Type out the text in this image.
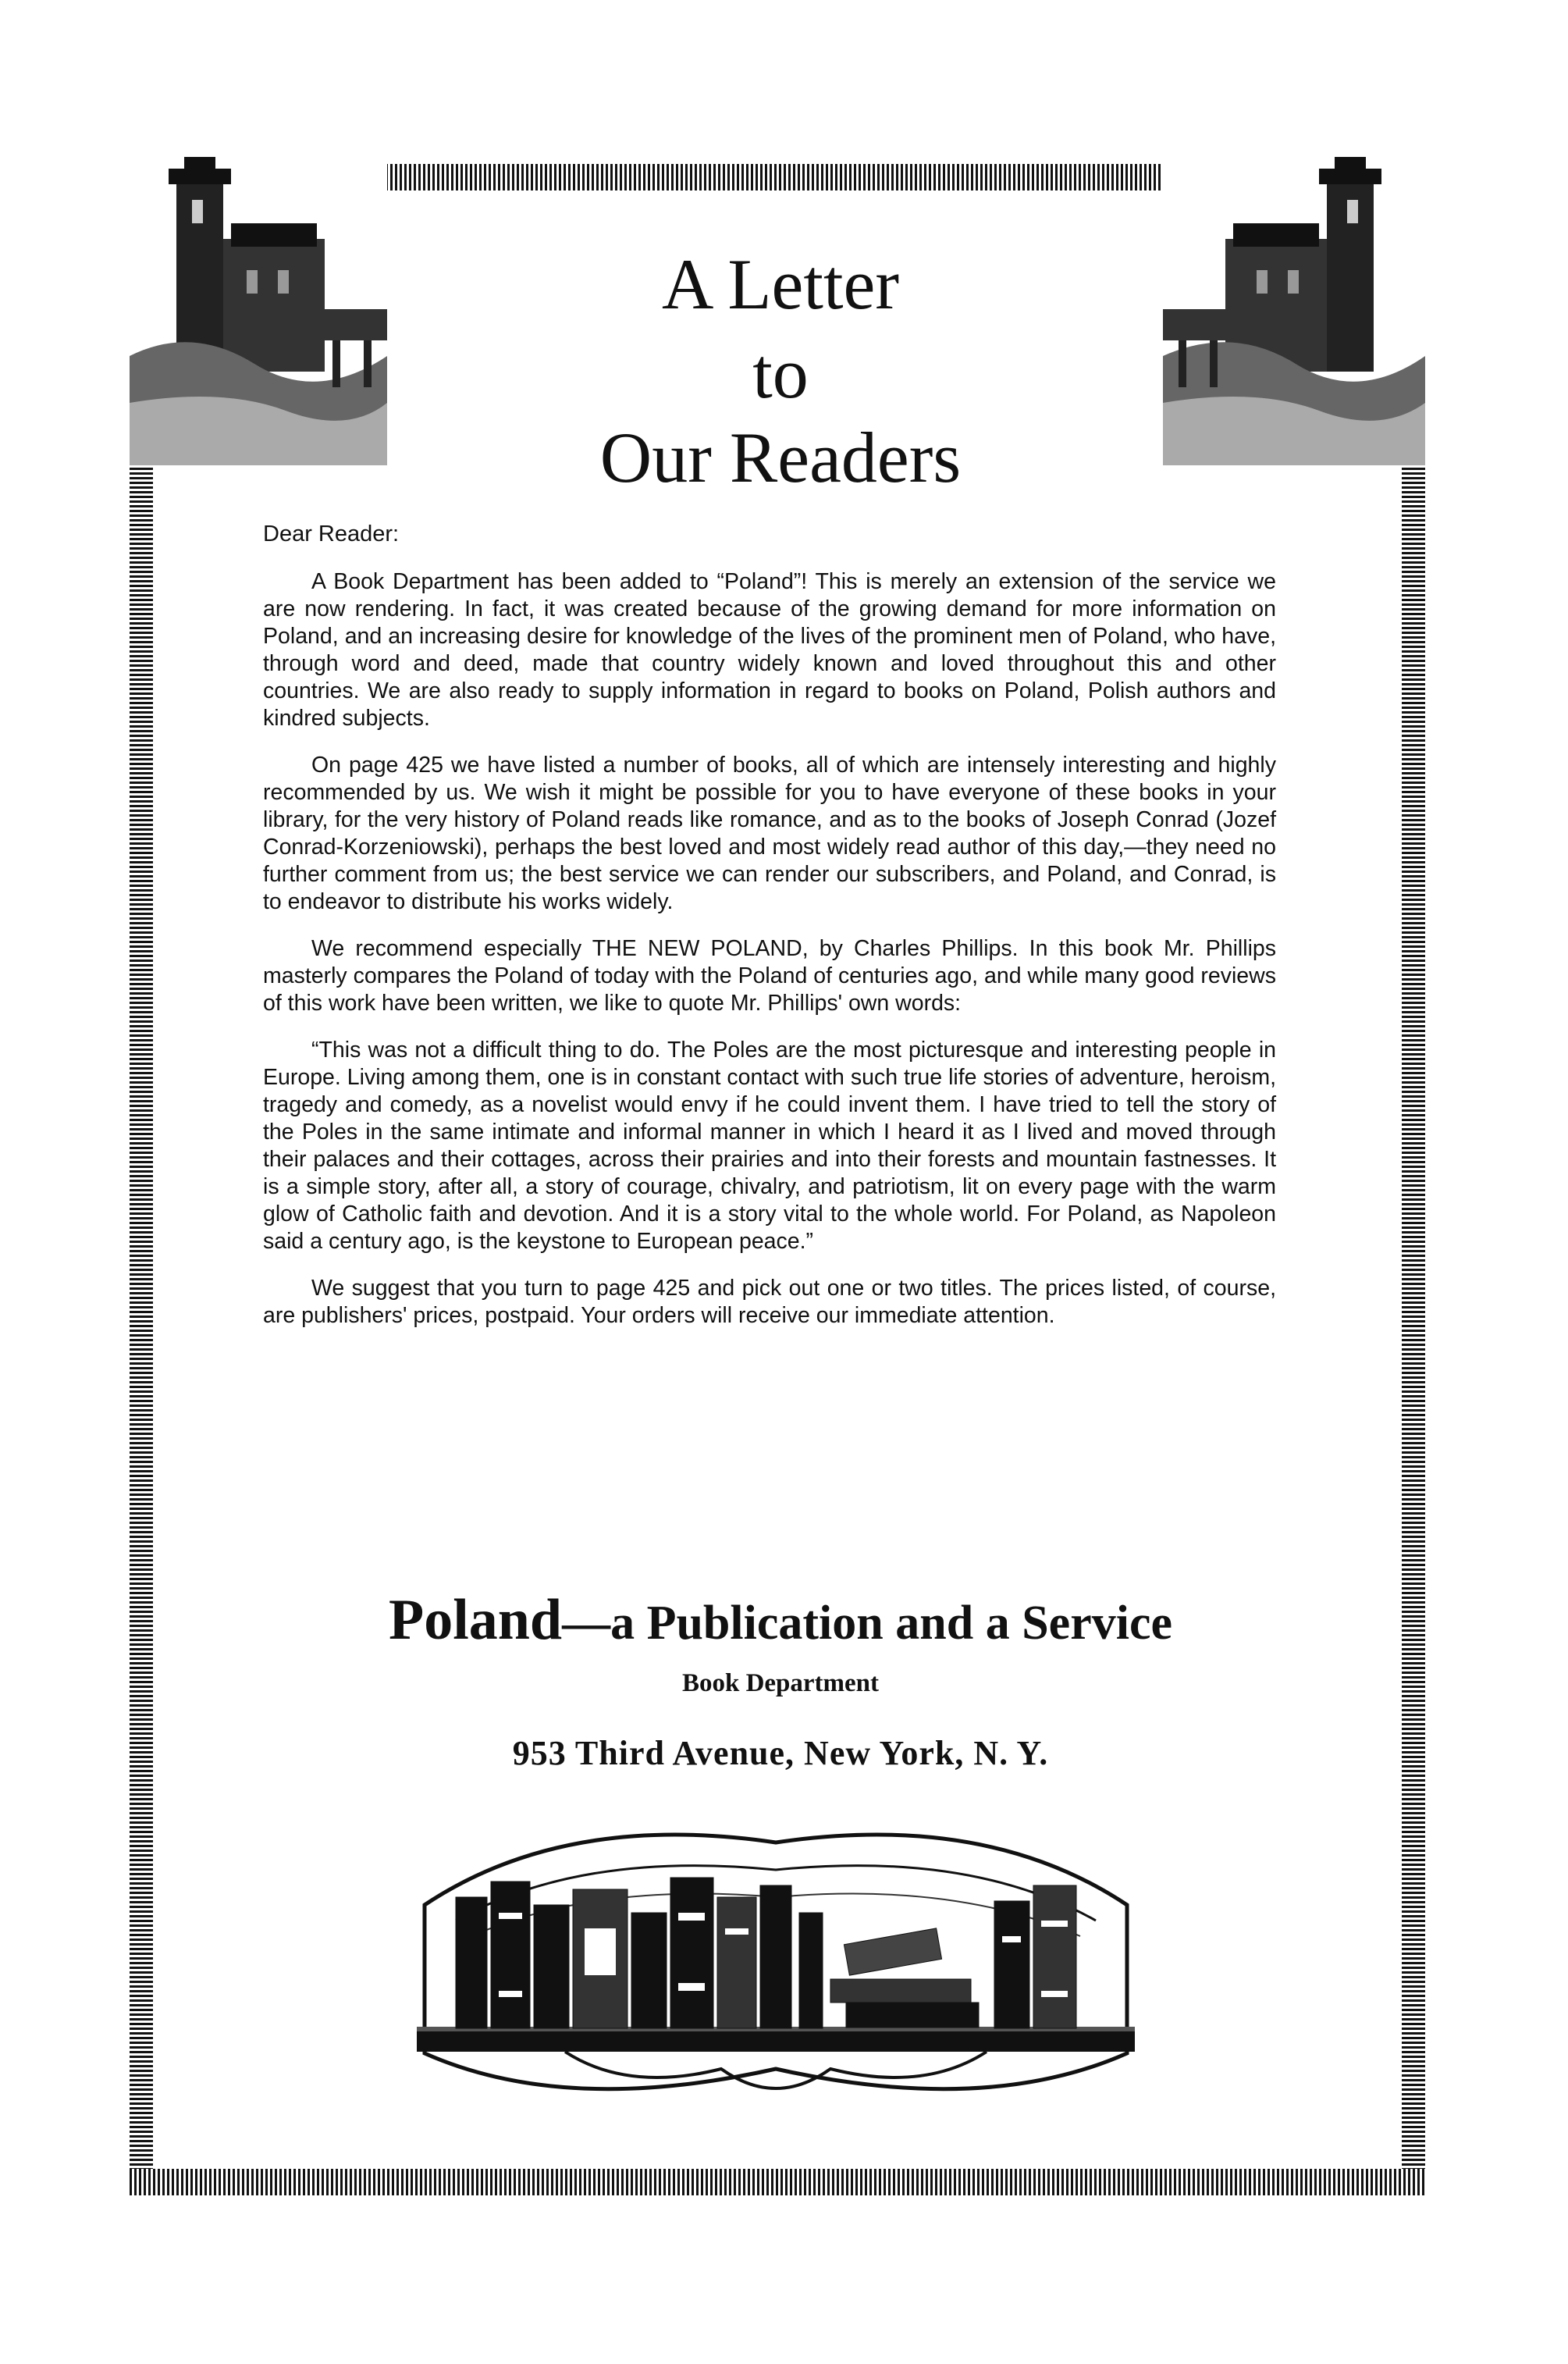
A Letter
to
Our Readers
Dear Reader:

A Book Department has been added to “Poland”! This is merely an extension of the service we are now rendering. In fact, it was created because of the growing demand for more information on Poland, and an increasing desire for knowledge of the lives of the prominent men of Poland, who have, through word and deed, made that country widely known and loved throughout this and other countries. We are also ready to supply information in regard to books on Poland, Polish authors and kindred subjects.

On page 425 we have listed a number of books, all of which are intensely interesting and highly recommended by us. We wish it might be possible for you to have everyone of these books in your library, for the very history of Poland reads like romance, and as to the books of Joseph Conrad (Jozef Conrad-Korzeniowski), perhaps the best loved and most widely read author of this day,—they need no further comment from us; the best service we can render our subscribers, and Poland, and Conrad, is to endeavor to distribute his works widely.

We recommend especially THE NEW POLAND, by Charles Phillips. In this book Mr. Phillips masterly compares the Poland of today with the Poland of centuries ago, and while many good reviews of this work have been written, we like to quote Mr. Phillips' own words:

“This was not a difficult thing to do. The Poles are the most picturesque and interesting people in Europe. Living among them, one is in constant contact with such true life stories of adventure, heroism, tragedy and comedy, as a novelist would envy if he could invent them. I have tried to tell the story of the Poles in the same intimate and informal manner in which I heard it as I lived and moved through their palaces and their cottages, across their prairies and into their forests and mountain fastnesses. It is a simple story, after all, a story of courage, chivalry, and patriotism, lit on every page with the warm glow of Catholic faith and devotion. And it is a story vital to the whole world. For Poland, as Napoleon said a century ago, is the keystone to European peace.”

We suggest that you turn to page 425 and pick out one or two titles. The prices listed, of course, are publishers' prices, postpaid. Your orders will receive our immediate attention.

Poland—a Publication and a Service
Book Department
953 Third Avenue, New York, N. Y.
